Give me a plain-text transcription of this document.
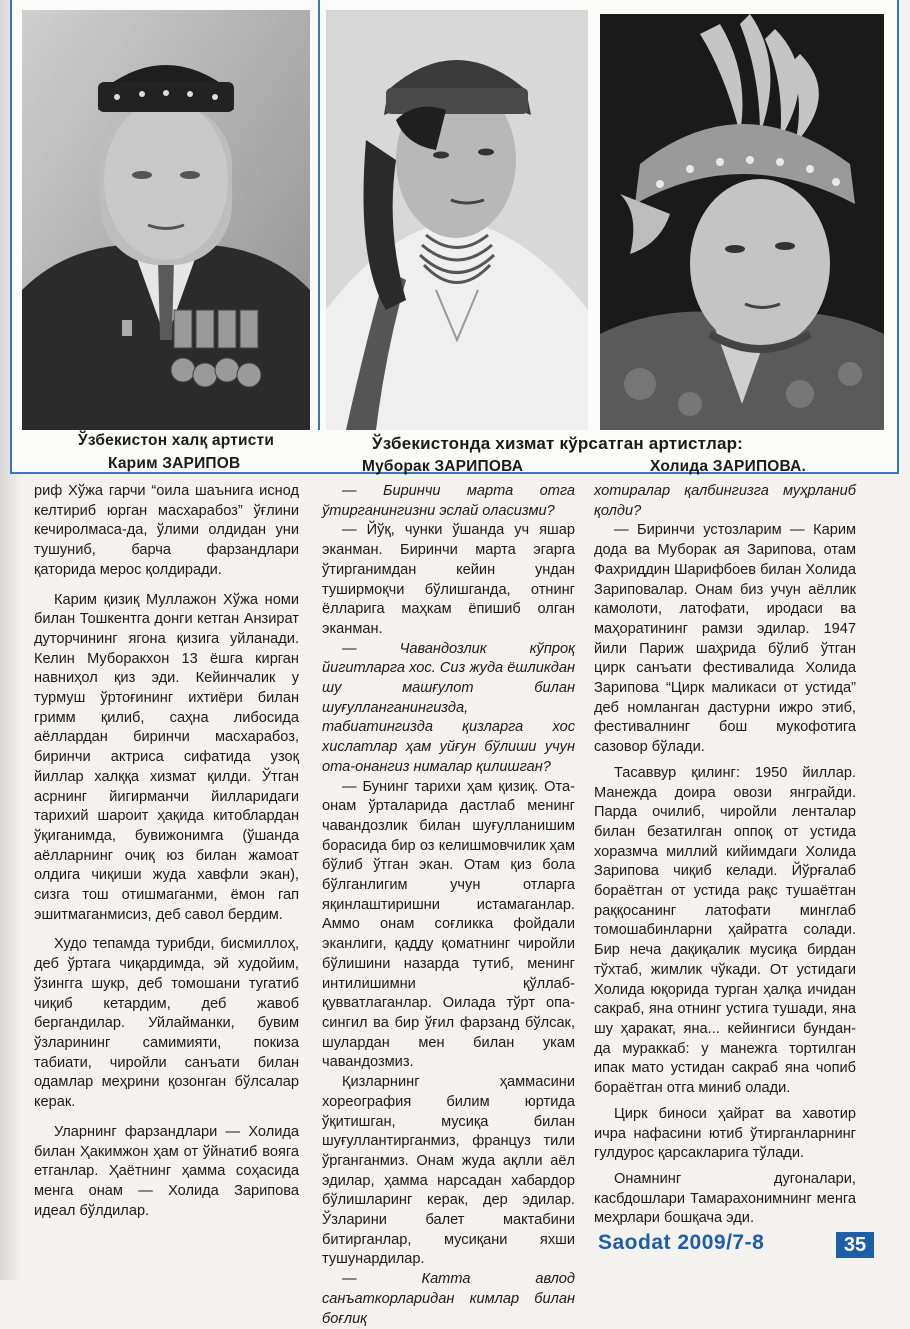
Ўзбекистон халқ артисти
Карим ЗАРИПОВ
Ўзбекистонда хизмат кўрсатган артистлар:
Муборак ЗАРИПОВА	Холида ЗАРИПОВА.

риф Хўжа гарчи “оила шаънига иснод келтириб юрган масхарабоз” ўғлини кечиролмаса-да, ўлими олдидан уни тушуниб, барча фарзандлари қаторида мерос қолдиради.

Карим қизиқ Муллажон Хўжа номи билан Тошкентга донги кетган Анзират дуторчининг ягона қизига уйланади. Келин Муборакхон 13 ёшга кирган навниҳол қиз эди. Кейинчалик у турмуш ўртоғининг ихтиёри билан гримм қилиб, саҳна либосида аёллардан биринчи масхарабоз, биринчи актриса сифатида узоқ йиллар халққа хизмат қилди. Ўтган асрнинг йигирманчи йилларидаги тарихий шароит ҳақида китоблардан ўқиганимда, бувижонимга (ўшанда аёлларнинг очиқ юз билан жамоат олдига чиқиши жуда хавфли экан), сизга тош отишмаганми, ёмон гап эшитмаганмисиз, деб савол бердим.

Худо тепамда турибди, бисмиллоҳ, деб ўртага чиқардимда, эй худойим, ўзингга шукр, деб томошани тугатиб чиқиб кетардим, деб жавоб бергандилар. Уйлайманки, бувим ўзларининг самимияти, покиза табиати, чиройли санъати билан одамлар меҳрини қозонган бўлсалар керак.

Уларнинг фарзандлари — Холида билан Ҳакимжон ҳам от ўйнатиб вояга етганлар. Ҳаётнинг ҳамма соҳасида менга онам — Холида Зарипова идеал бўлдилар.

— Биринчи марта отга ўтирганингизни эслай оласизми?

— Йўқ, чунки ўшанда уч яшар эканман. Биринчи марта эгарга ўтирганимдан кейин ундан тушиpмоқчи бўлишганда, отнинг ёлларига маҳкам ёпишиб олган эканман.

— Чавандозлик кўпроқ йигитларга хос. Сиз жуда ёшликдан шу машғулот билан шуғулланганингизда, табиатингизда қизларга хос хислатлар ҳам уйғун бўлиши учун ота-онангиз нималар қилишган?

— Бунинг тарихи ҳам қизиқ. Ота-онам ўрталарида дастлаб менинг чавандозлик билан шуғулланишим борасида бир оз келишмовчилик ҳам бўлиб ўтган экан. Отам қиз бола бўлганлигим учун отларга яқинлаштиришни истамаганлар. Аммо онам соғликка фойдали эканлиги, қадду қоматнинг чиройли бўлишини назарда тутиб, менинг интилишимни қўллаб-қувватлаганлар. Оилада тўрт опа-сингил ва бир ўғил фарзанд бўлсак, шулардан мен билан укам чавандозмиз.

Қизларнинг ҳаммасини хореография билим юртида ўқитишган, мусиқа билан шуғуллантирганмиз, француз тили ўрганганмиз. Онам жуда ақлли аёл эдилар, ҳамма нарсадан хабардор бўлишларинг керак, дер эдилар. Ўзларини балет мактабини битирганлар, мусиқани яхши тушунардилар.

— Катта авлод санъаткорларидан кимлар билан боғлиқ

хотиралар қалбингизга муҳрланиб қолди?

— Биринчи устозларим — Карим дода ва Муборак ая Зарипова, отам Фахриддин Шарифбоев билан Холида Зариповалар. Онам биз учун аёллик камолоти, латофати, иродаси ва маҳоратининг рамзи эдилар. 1947 йили Париж шаҳрида бўлиб ўтган цирк санъати фестивалида Холида Зарипова “Цирк маликаси от устида” деб номланган дастурни ижро этиб, фестивалнинг бош мукофотига сазовор бўлади.

Тасаввур қилинг: 1950 йиллар. Манежда доира овози янграйди. Парда очилиб, чиройли ленталар билан безатилган оппоқ от устида хоразмча миллий кийимдаги Холида Зарипова чиқиб келади. Йўрғалаб бораётган от устида рақс тушаётган раққосанинг латофати минглаб томошабинларни ҳайратга солади. Бир неча дақиқалик мусиқа бирдан тўхтаб, жимлик чўкади. От устидаги Холида юқорида турган ҳалқа ичидан сакраб, яна отнинг устига тушади, яна шу ҳаракат, яна... кейингиси бундан-да мураккаб: у манежга тортилган ипак мато устидан сакраб яна чопиб бораётган отга миниб олади.

Цирк биноси ҳайрат ва хавотир ичра нафасини ютиб ўтирганларнинг гулдурос қарсакларига тўлади.

Онамнинг дугоналари, касбдошлари Тамарахонимнинг менга меҳрлари бошқача эди.

Saodat 2009/7-8	35
